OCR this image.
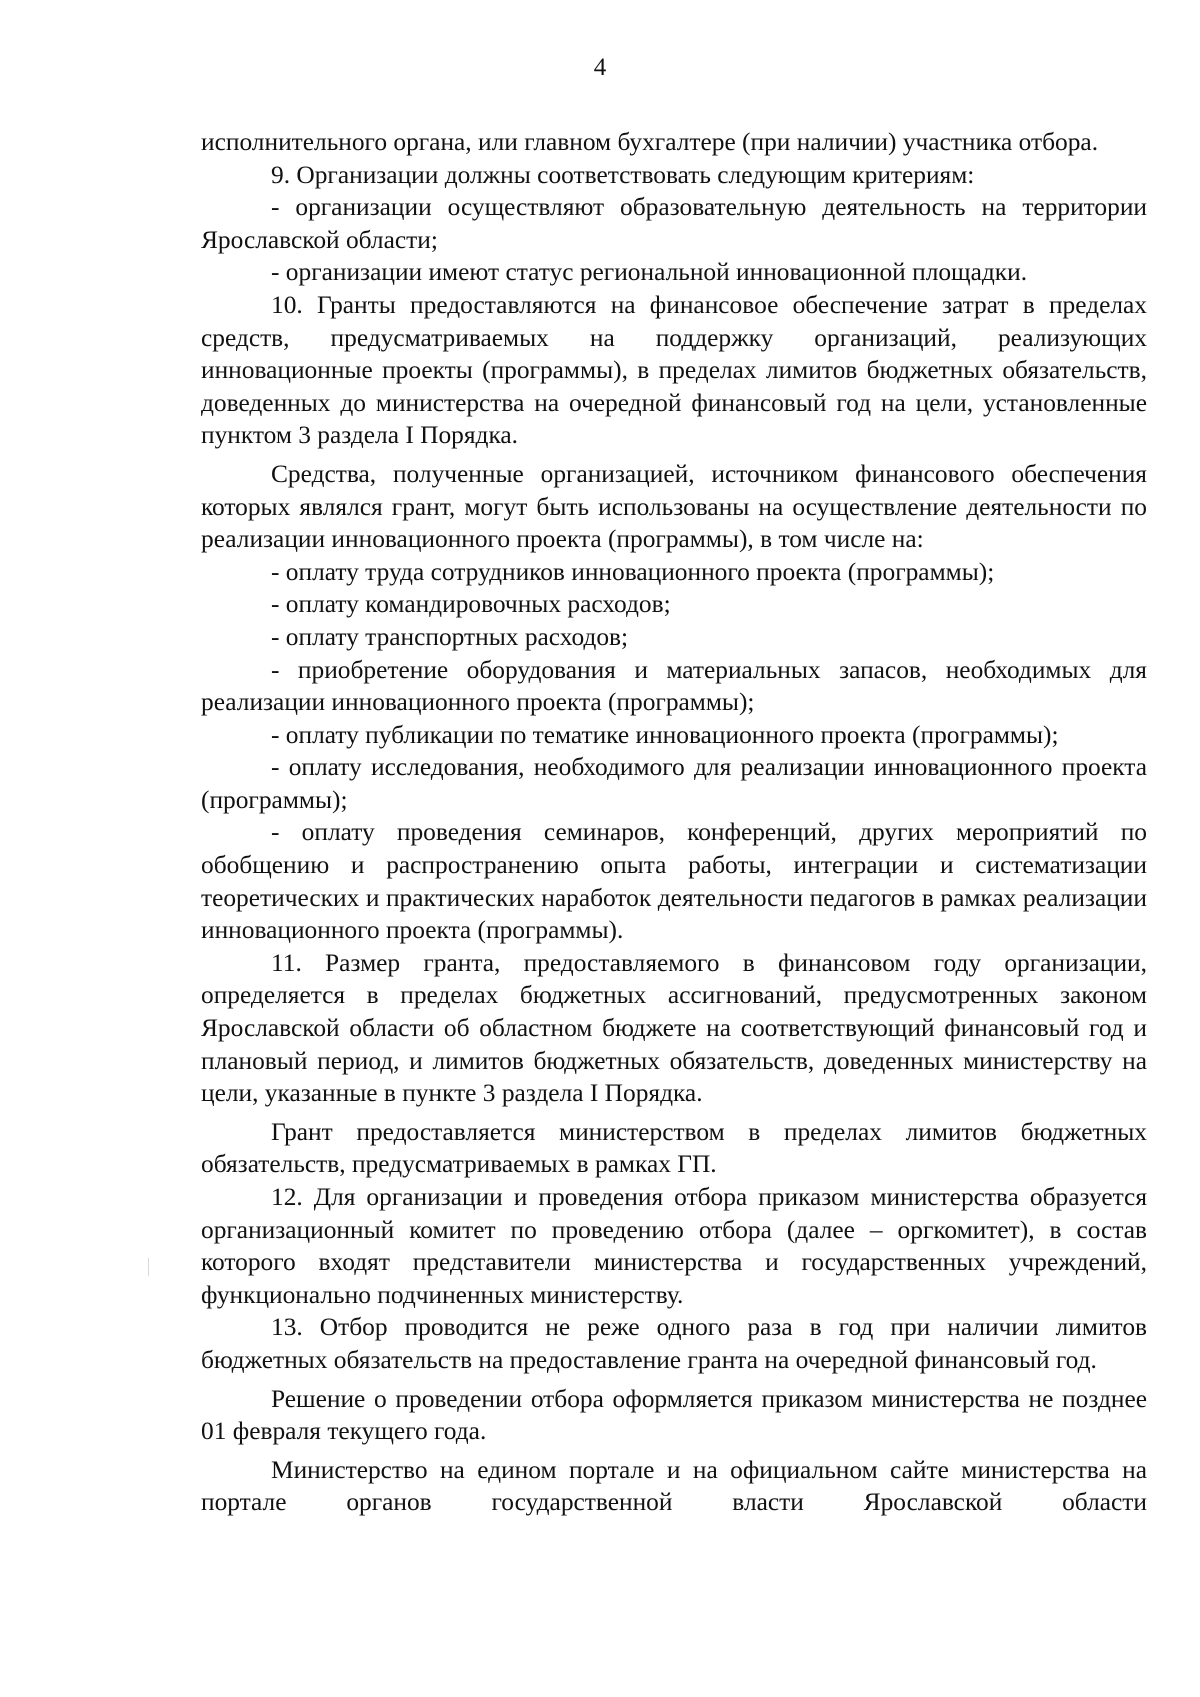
4

исполнительного органа, или главном бухгалтере (при наличии) участника отбора.

9. Организации должны соответствовать следующим критериям:

- организации осуществляют образовательную деятельность на территории Ярославской области;

- организации имеют статус региональной инновационной площадки.

10. Гранты предоставляются на финансовое обеспечение затрат в пределах средств, предусматриваемых на поддержку организаций, реализующих инновационные проекты (программы), в пределах лимитов бюджетных обязательств, доведенных до министерства на очередной финансовый год на цели, установленные пунктом 3 раздела I Порядка.

Средства, полученные организацией, источником финансового обеспечения которых являлся грант, могут быть использованы на осуществление деятельности по реализации инновационного проекта (программы), в том числе на:

- оплату труда сотрудников инновационного проекта (программы);

- оплату командировочных расходов;

- оплату транспортных расходов;

- приобретение оборудования и материальных запасов, необходимых для реализации инновационного проекта (программы);

- оплату публикации по тематике инновационного проекта (программы);

- оплату исследования, необходимого для реализации инновационного проекта (программы);

- оплату проведения семинаров, конференций, других мероприятий по обобщению и распространению опыта работы, интеграции и систематизации теоретических и практических наработок деятельности педагогов в рамках реализации инновационного проекта (программы).

11. Размер гранта, предоставляемого в финансовом году организации, определяется в пределах бюджетных ассигнований, предусмотренных законом Ярославской области об областном бюджете на соответствующий финансовый год и плановый период, и лимитов бюджетных обязательств, доведенных министерству на цели, указанные в пункте 3 раздела I Порядка.

Грант предоставляется министерством в пределах лимитов бюджетных обязательств, предусматриваемых в рамках ГП.

12. Для организации и проведения отбора приказом министерства образуется организационный комитет по проведению отбора (далее – оргкомитет), в состав которого входят представители министерства и государственных учреждений, функционально подчиненных министерству.

13. Отбор проводится не реже одного раза в год при наличии лимитов бюджетных обязательств на предоставление гранта на очередной финансовый год.

Решение о проведении отбора оформляется приказом министерства не позднее 01 февраля текущего года.

Министерство на едином портале и на официальном сайте министерства на портале органов государственной власти Ярославской области
